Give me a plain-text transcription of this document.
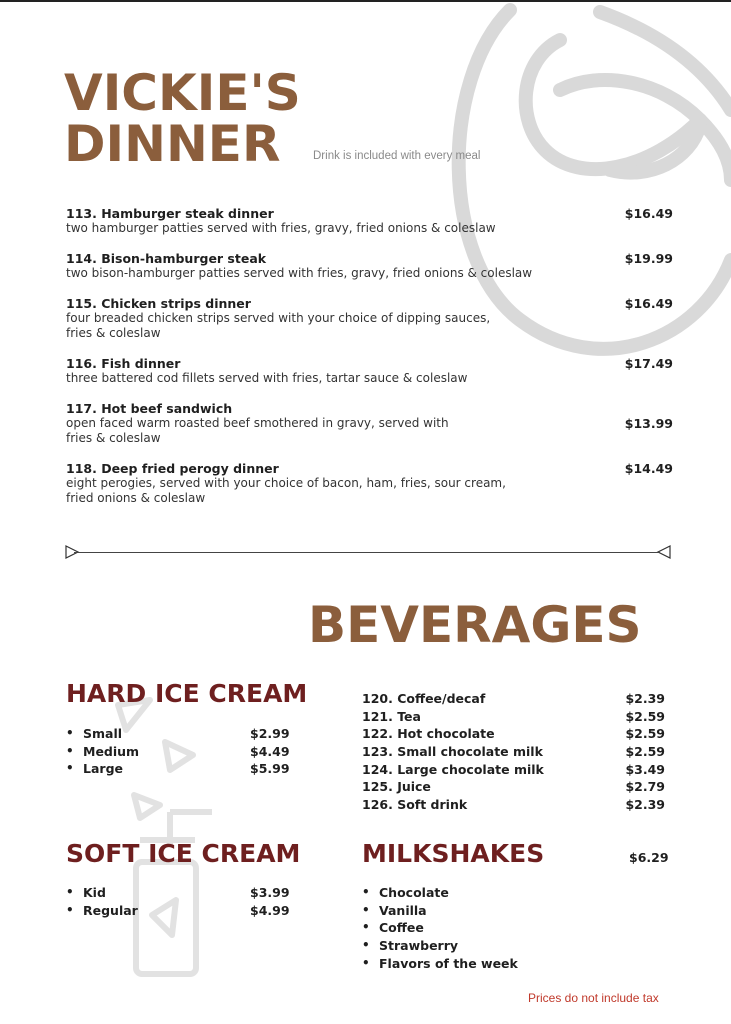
VICKIE'S
DINNER	Drink is included with every meal
113. Hamburger steak dinner
two hamburger patties served with fries, gravy, fried onions & coleslaw
$16.49
114. Bison-hamburger steak
two bison-hamburger patties served with fries, gravy, fried onions & coleslaw
$19.99
115. Chicken strips dinner
four breaded chicken strips served with your choice of dipping sauces, fries & coleslaw
$16.49
116. Fish dinner
three battered cod fillets served with fries, tartar sauce & coleslaw
$17.49
117. Hot beef sandwich
open faced warm roasted beef smothered in gravy, served with fries & coleslaw
$13.99
118. Deep fried perogy dinner
eight perogies, served with your choice of bacon, ham, fries, sour cream, fried onions & coleslaw
$14.49
BEVERAGES
HARD ICE CREAM
• Small	$2.99
• Medium	$4.49
• Large	$5.99
120. Coffee/decaf	$2.39
121. Tea	$2.59
122. Hot chocolate	$2.59
123. Small chocolate milk	$2.59
124. Large chocolate milk	$3.49
125. Juice	$2.79
126. Soft drink	$2.39
SOFT ICE CREAM
• Kid	$3.99
• Regular	$4.99
MILKSHAKES	$6.29
• Chocolate
• Vanilla
• Coffee
• Strawberry
• Flavors of the week
Prices do not include tax
